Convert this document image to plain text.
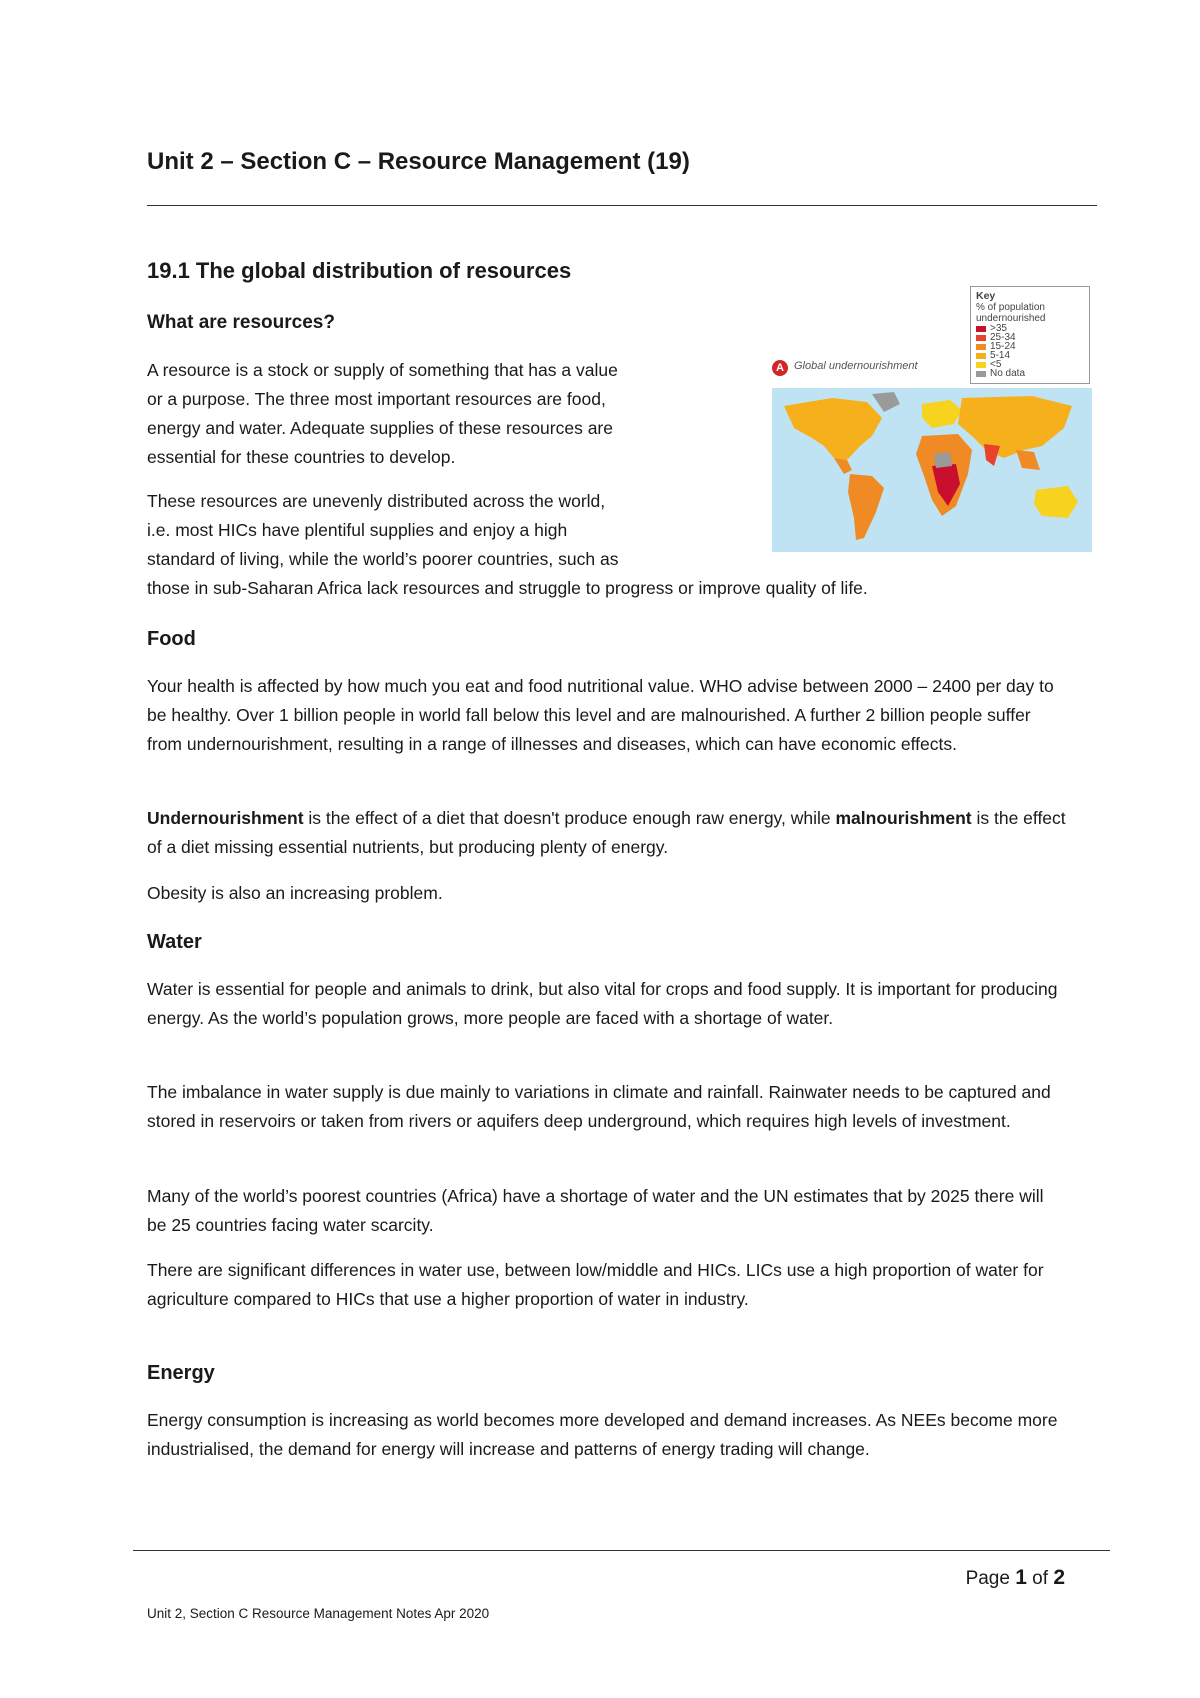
Unit 2 – Section C – Resource Management (19)
19.1 The global distribution of resources
What are resources?

A resource is a stock or supply of something that has a value
or a purpose. The three most important resources are food,
energy and water. Adequate supplies of these resources are
essential for these countries to develop.

These resources are unevenly distributed across the world,
i.e. most HICs have plentiful supplies and enjoy a high
standard of living, while the world’s poorer countries, such as
those in sub-Saharan Africa lack resources and struggle to progress or improve quality of life.

A Global undernourishment

Key

% of population undernourished

>35
25-34
15-24
5-14
<5
No data
Food

Your health is affected by how much you eat and food nutritional value. WHO advise between 2000 – 2400 per day to be healthy. Over 1 billion people in world fall below this level and are malnourished. A further 2 billion people suffer from undernourishment, resulting in a range of illnesses and diseases, which can have economic effects.

Undernourishment is the effect of a diet that doesn't produce enough raw energy, while malnourishment is the effect of a diet missing essential nutrients, but producing plenty of energy.

Obesity is also an increasing problem.

Water

Water is essential for people and animals to drink, but also vital for crops and food supply. It is important for producing energy. As the world’s population grows, more people are faced with a shortage of water.

The imbalance in water supply is due mainly to variations in climate and rainfall. Rainwater needs to be captured and stored in reservoirs or taken from rivers or aquifers deep underground, which requires high levels of investment.

Many of the world’s poorest countries (Africa) have a shortage of water and the UN estimates that by 2025 there will be 25 countries facing water scarcity.

There are significant differences in water use, between low/middle and HICs. LICs use a high proportion of water for agriculture compared to HICs that use a higher proportion of water in industry.

Energy

Energy consumption is increasing as world becomes more developed and demand increases. As NEEs become more industrialised, the demand for energy will increase and patterns of energy trading will change.

Page 1 of 2
Unit 2, Section C Resource Management Notes Apr 2020
